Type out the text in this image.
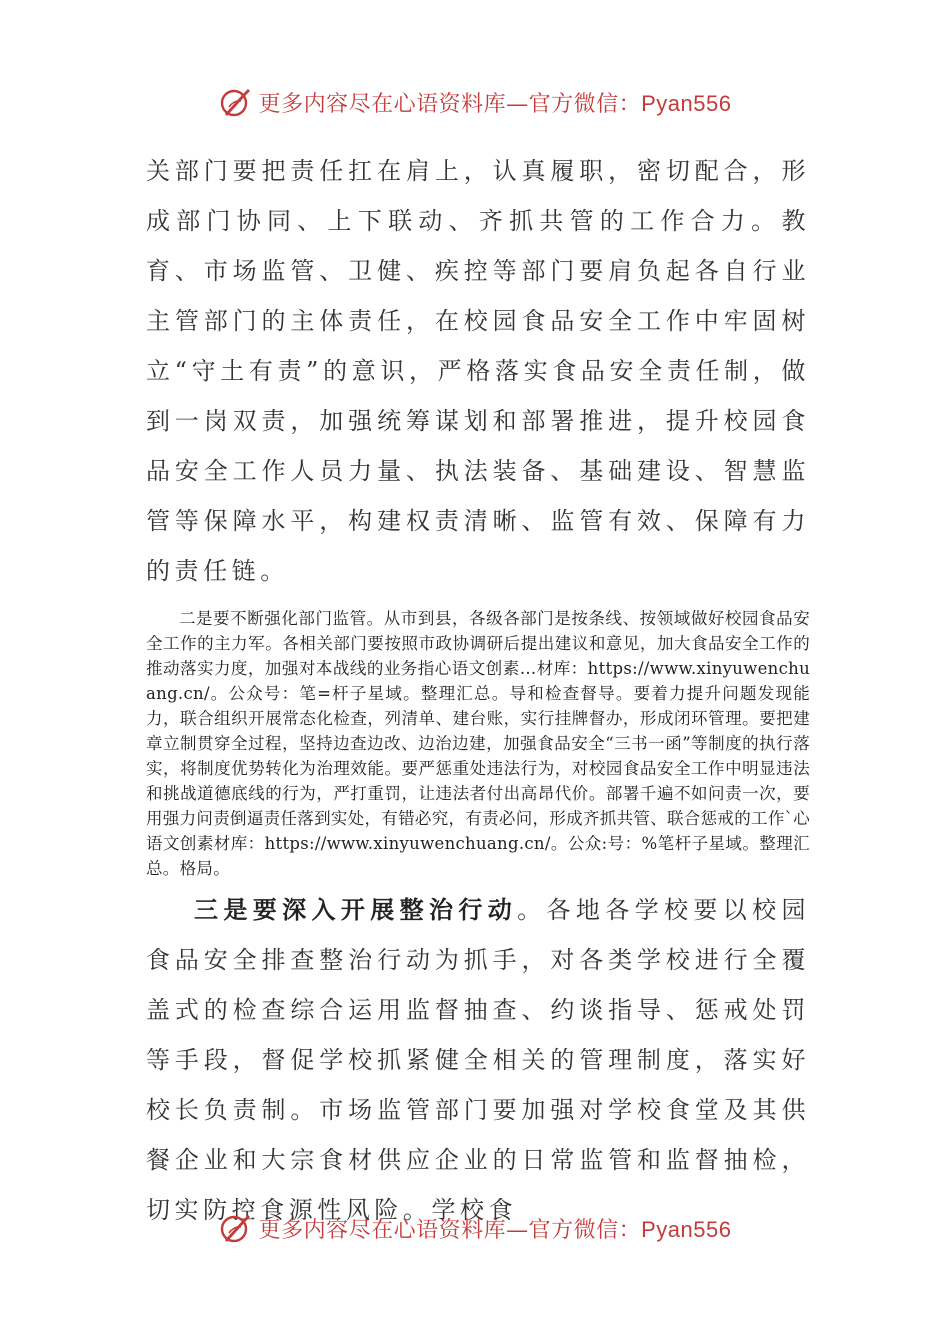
更多内容尽在心语资料库—官方微信：Pyan556

关部门要把责任扛在肩上，认真履职，密切配合，形成部门协同、上下联动、齐抓共管的工作合力。教育、市场监管、卫健、疾控等部门要肩负起各自行业主管部门的主体责任，在校园食品安全工作中牢固树立“守土有责”的意识，严格落实食品安全责任制，做到一岗双责，加强统筹谋划和部署推进，提升校园食品安全工作人员力量、执法装备、基础建设、智慧监管等保障水平，构建权责清晰、监管有效、保障有力的责任链。

二是要不断强化部门监管。从市到县，各级各部门是按条线、按领域做好校园食品安全工作的主力军。各相关部门要按照市政协调研后提出建议和意见，加大食品安全工作的推动落实力度，加强对本战线的业务指心语文创素…材库：https://www.xinyuwenchuang.cn/。公众号：笔=杆子星域。整理汇总。导和检查督导。要着力提升问题发现能力，联合组织开展常态化检查，列清单、建台账，实行挂牌督办，形成闭环管理。要把建章立制贯穿全过程，坚持边查边改、边治边建，加强食品安全“三书一函”等制度的执行落实，将制度优势转化为治理效能。要严惩重处违法行为，对校园食品安全工作中明显违法和挑战道德底线的行为，严打重罚，让违法者付出高昂代价。部署千遍不如问责一次，要用强力问责倒逼责任落到实处，有错必究，有责必问，形成齐抓共管、联合惩戒的工作`心语文创素材库：https://www.xinyuwenchuang.cn/。公众:号：%笔杆子星域。整理汇总。格局。

三是要深入开展整治行动。各地各学校要以校园食品安全排查整治行动为抓手，对各类学校进行全覆盖式的检查综合运用监督抽查、约谈指导、惩戒处罚等手段，督促学校抓紧健全相关的管理制度，落实好校长负责制。市场监管部门要加强对学校食堂及其供餐企业和大宗食材供应企业的日常监管和监督抽检，切实防控食源性风险。学校食

更多内容尽在心语资料库—官方微信：Pyan556
